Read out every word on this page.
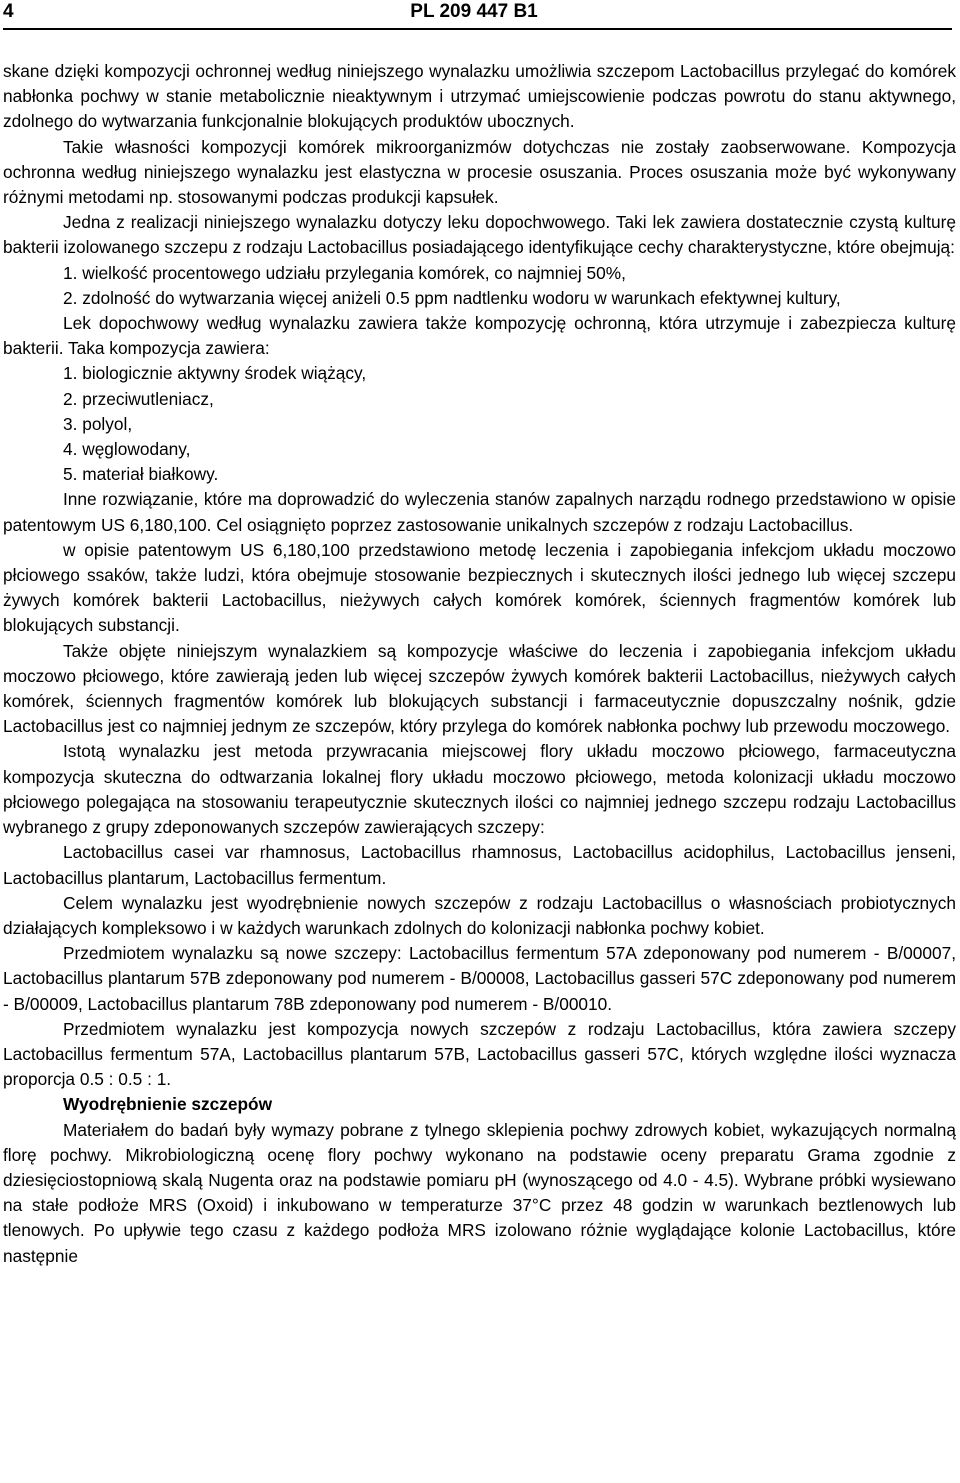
4	PL 209 447 B1

skane dzięki kompozycji ochronnej według niniejszego wynalazku umożliwia szczepom Lactobacillus przylegać do komórek nabłonka pochwy w stanie metabolicznie nieaktywnym i utrzymać umiejscowienie podczas powrotu do stanu aktywnego, zdolnego do wytwarzania funkcjonalnie blokujących produktów ubocznych.

Takie własności kompozycji komórek mikroorganizmów dotychczas nie zostały zaobserwowane. Kompozycja ochronna według niniejszego wynalazku jest elastyczna w procesie osuszania. Proces osuszania może być wykonywany różnymi metodami np. stosowanymi podczas produkcji kapsułek.

Jedna z realizacji niniejszego wynalazku dotyczy leku dopochwowego. Taki lek zawiera dostatecznie czystą kulturę bakterii izolowanego szczepu z rodzaju Lactobacillus posiadającego identyfikujące cechy charakterystyczne, które obejmują:

1. wielkość procentowego udziału przylegania komórek, co najmniej 50%,

2. zdolność do wytwarzania więcej aniżeli 0.5 ppm nadtlenku wodoru w warunkach efektywnej kultury,

Lek dopochwowy według wynalazku zawiera także kompozycję ochronną, która utrzymuje i zabezpiecza kulturę bakterii. Taka kompozycja zawiera:

1. biologicznie aktywny środek wiążący,

2. przeciwutleniacz,

3. polyol,

4. węglowodany,

5. materiał białkowy.

Inne rozwiązanie, które ma doprowadzić do wyleczenia stanów zapalnych narządu rodnego przedstawiono w opisie patentowym US 6,180,100. Cel osiągnięto poprzez zastosowanie unikalnych szczepów z rodzaju Lactobacillus.

w opisie patentowym US 6,180,100 przedstawiono metodę leczenia i zapobiegania infekcjom układu moczowo płciowego ssaków, także ludzi, która obejmuje stosowanie bezpiecznych i skutecznych ilości jednego lub więcej szczepu żywych komórek bakterii Lactobacillus, nieżywych całych komórek komórek, ściennych fragmentów komórek lub blokujących substancji.

Także objęte niniejszym wynalazkiem są kompozycje właściwe do leczenia i zapobiegania infekcjom układu moczowo płciowego, które zawierają jeden lub więcej szczepów żywych komórek bakterii Lactobacillus, nieżywych całych komórek, ściennych fragmentów komórek lub blokujących substancji i farmaceutycznie dopuszczalny nośnik, gdzie Lactobacillus jest co najmniej jednym ze szczepów, który przylega do komórek nabłonka pochwy lub przewodu moczowego.

Istotą wynalazku jest metoda przywracania miejscowej flory układu moczowo płciowego, farmaceutyczna kompozycja skuteczna do odtwarzania lokalnej flory układu moczowo płciowego, metoda kolonizacji układu moczowo płciowego polegająca na stosowaniu terapeutycznie skutecznych ilości co najmniej jednego szczepu rodzaju Lactobacillus wybranego z grupy zdeponowanych szczepów zawierających szczepy:

Lactobacillus casei var rhamnosus, Lactobacillus rhamnosus, Lactobacillus acidophilus, Lactobacillus jenseni, Lactobacillus plantarum, Lactobacillus fermentum.

Celem wynalazku jest wyodrębnienie nowych szczepów z rodzaju Lactobacillus o własnościach probiotycznych działających kompleksowo i w każdych warunkach zdolnych do kolonizacji nabłonka pochwy kobiet.

Przedmiotem wynalazku są nowe szczepy: Lactobacillus fermentum 57A zdeponowany pod numerem - B/00007, Lactobacillus plantarum 57B zdeponowany pod numerem - B/00008, Lactobacillus gasseri 57C zdeponowany pod numerem - B/00009, Lactobacillus plantarum 78B zdeponowany pod numerem - B/00010.

Przedmiotem wynalazku jest kompozycja nowych szczepów z rodzaju Lactobacillus, która zawiera szczepy Lactobacillus fermentum 57A, Lactobacillus plantarum 57B, Lactobacillus gasseri 57C, których względne ilości wyznacza proporcja 0.5 : 0.5 : 1.

Wyodrębnienie szczepów

Materiałem do badań były wymazy pobrane z tylnego sklepienia pochwy zdrowych kobiet, wykazujących normalną florę pochwy. Mikrobiologiczną ocenę flory pochwy wykonano na podstawie oceny preparatu Grama zgodnie z dziesięciostopniową skalą Nugenta oraz na podstawie pomiaru pH (wynoszącego od 4.0 - 4.5). Wybrane próbki wysiewano na stałe podłoże MRS (Oxoid) i inkubowano w temperaturze 37°C przez 48 godzin w warunkach beztlenowych lub tlenowych. Po upływie tego czasu z każdego podłoża MRS izolowano różnie wyglądające kolonie Lactobacillus, które następnie
